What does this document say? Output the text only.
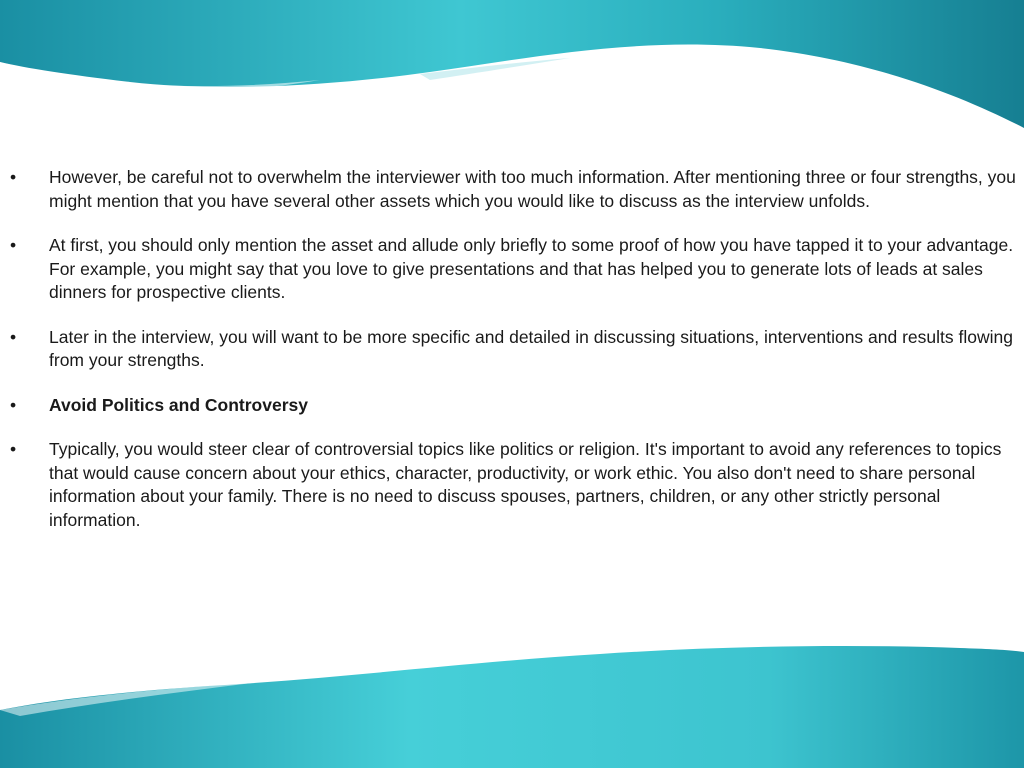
• However, be careful not to overwhelm the interviewer with too much information. After mentioning three or four strengths, you might mention that you have several other assets which you would like to discuss as the interview unfolds.
• At first, you should only mention the asset and allude only briefly to some proof of how you have tapped it to your advantage. For example, you might say that you love to give presentations and that has helped you to generate lots of leads at sales dinners for prospective clients.
• Later in the interview, you will want to be more specific and detailed in discussing situations, interventions and results flowing from your strengths.
• Avoid Politics and Controversy
• Typically, you would steer clear of controversial topics like politics or religion. It's important to avoid any references to topics that would cause concern about your ethics, character, productivity, or work ethic. You also don't need to share personal information about your family. There is no need to discuss spouses, partners, children, or any other strictly personal information.
